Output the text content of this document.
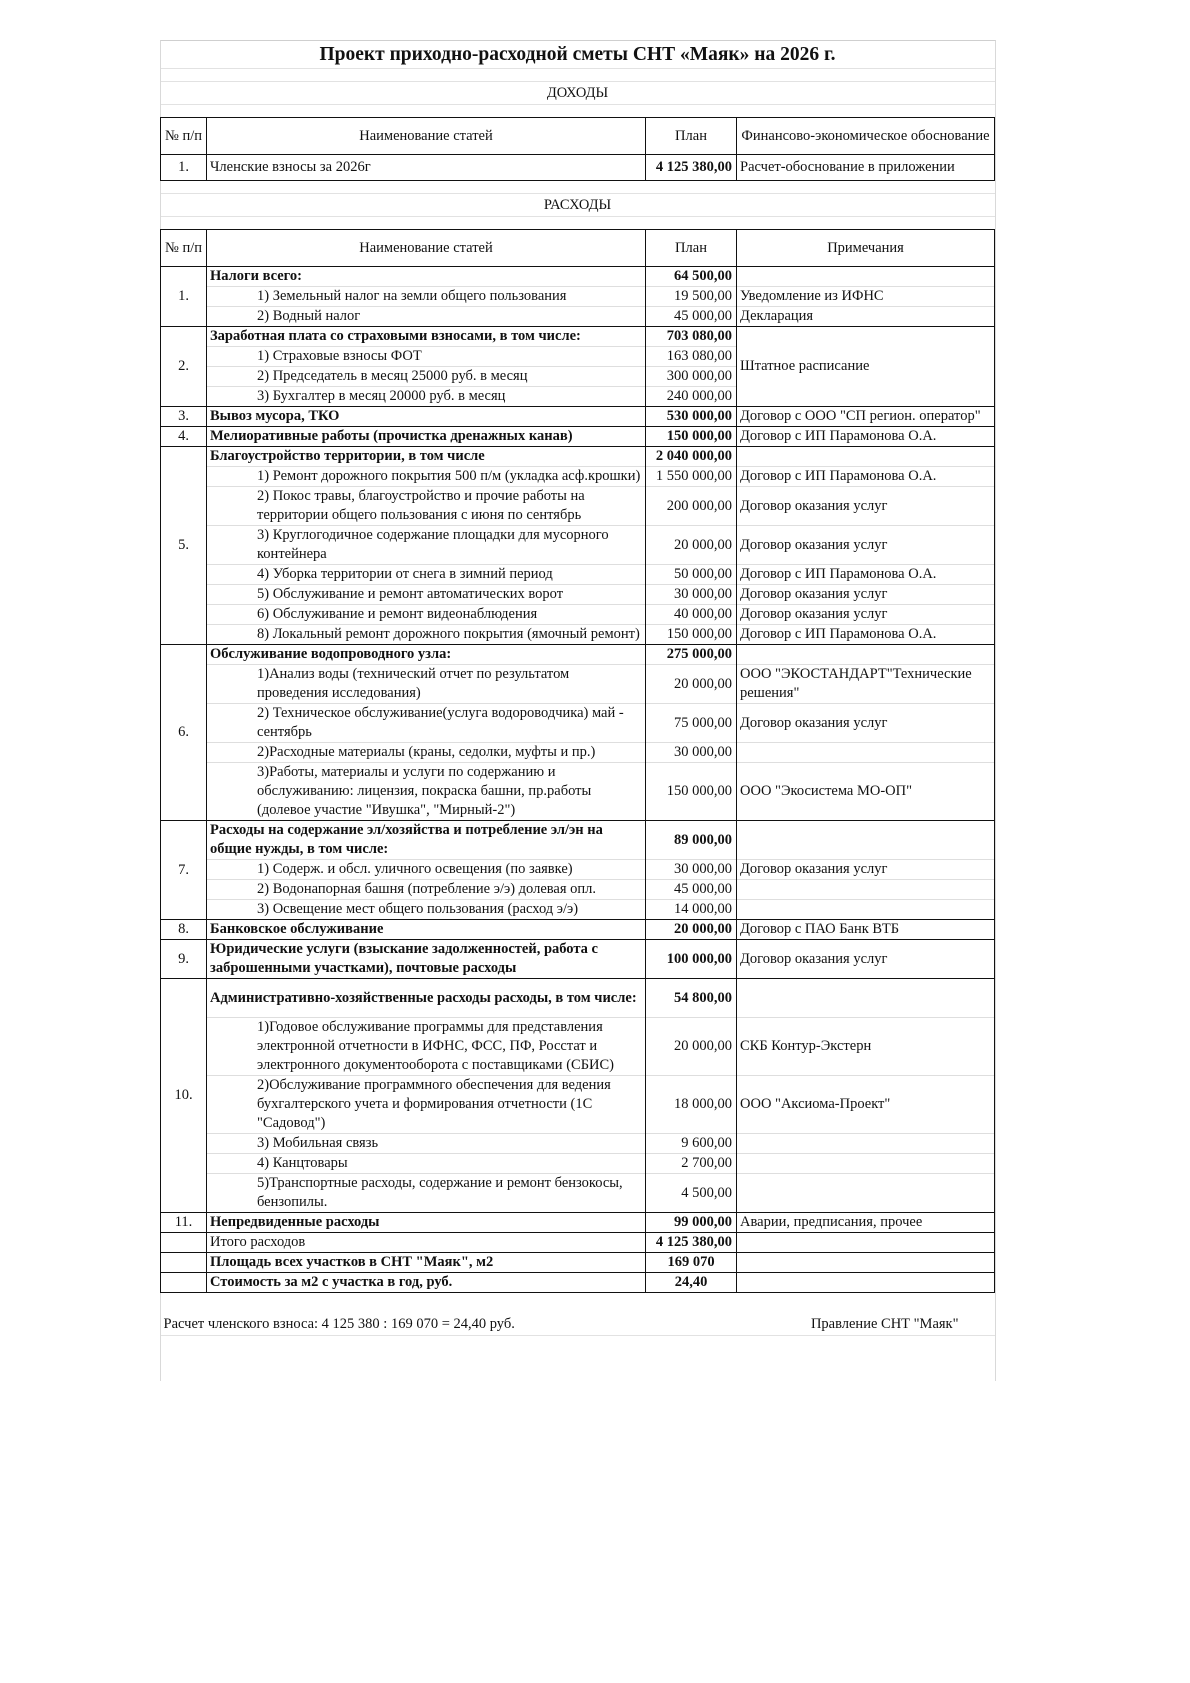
Проект приходно-расходной сметы СНТ «Маяк» на 2026 г.			

ДОХОДЫ			

№ п/п	Наименование статей	План	Финансово-экономическое обоснование
1.	Членские взносы за 2026г	4 125 380,00	Расчет-обоснование в приложении

РАСХОДЫ			

№ п/п	Наименование статей	План	Примечания
1.	Налоги всего:	64 500,00	
	1) Земельный налог на земли общего пользования	19 500,00	Уведомление из ИФНС
	2) Водный налог	45 000,00	Декларация
2.	Заработная плата со страховыми взносами, в том числе:	703 080,00	Штатное расписание
	1) Страховые взносы ФОТ	163 080,00	
	2) Председатель в месяц 25000 руб. в месяц	300 000,00	
	3) Бухгалтер в месяц 20000 руб. в месяц	240 000,00	
3.	Вывоз мусора, ТКО	530 000,00	Договор с ООО "СП регион. оператор"
4.	Мелиоративные работы (прочистка дренажных канав)	150 000,00	Договор с ИП Парамонова О.А.
5.	Благоустройство территории, в том числе	2 040 000,00	
	1) Ремонт дорожного покрытия 500 п/м (укладка асф.крошки)	1 550 000,00	Договор с ИП Парамонова О.А.
	2) Покос травы, благоустройство и прочие работы на территории общего пользования с июня по сентябрь	200 000,00	Договор оказания услуг
	3) Круглогодичное содержание площадки для мусорного контейнера	20 000,00	Договор оказания услуг
	4) Уборка территории от снега в зимний период	50 000,00	Договор с ИП Парамонова О.А.
	5) Обслуживание и ремонт автоматических ворот	30 000,00	Договор оказания услуг
	6) Обслуживание и ремонт видеонаблюдения	40 000,00	Договор оказания услуг
	8) Локальный ремонт дорожного покрытия (ямочный ремонт)	150 000,00	Договор с ИП Парамонова О.А.
6.	Обслуживание водопроводного узла:	275 000,00	
	1)Анализ воды (технический отчет по результатом проведения исследования)	20 000,00	ООО "ЭКОСТАНДАРТ"Технические решения"
	2) Техническое обслуживание(услуга водороводчика) май - сентябрь	75 000,00	Договор оказания услуг
	2)Расходные материалы (краны, седолки, муфты и пр.)	30 000,00	
	3)Работы, материалы и услуги по содержанию и обслуживанию: лицензия, покраска башни, пр.работы (долевое участие "Ивушка", "Мирный-2")	150 000,00	ООО "Экосистема МО-ОП"
7.	Расходы на содержание эл/хозяйства и потребление эл/эн на общие нужды, в том числе:	89 000,00	
	1) Содерж. и обсл. уличного освещения (по заявке)	30 000,00	Договор оказания услуг
	2) Водонапорная башня (потребление э/э) долевая опл.	45 000,00	
	3) Освещение мест общего пользования (расход э/э)	14 000,00	
8.	Банковское обслуживание	20 000,00	Договор с ПАО Банк ВТБ
9.	Юридические услуги (взыскание задолженностей, работа с заброшенными участками), почтовые расходы	100 000,00	Договор оказания услуг
10.	Административно-хозяйственные расходы расходы, в том числе:	54 800,00	
	1)Годовое обслуживание программы для представления электронной отчетности в ИФНС, ФСС, ПФ, Росстат и электронного документооборота с поставщиками (СБИС)	20 000,00	СКБ Контур-Экстерн
	2)Обслуживание программного обеспечения для ведения бухгалтерского учета и формирования отчетности (1С "Садовод")	18 000,00	ООО "Аксиома-Проект"
	3) Мобильная связь	9 600,00	
	4) Канцтовары	2 700,00	
	5)Транспортные расходы, содержание и ремонт бензокосы, бензопилы.	4 500,00	
11.	Непредвиденные расходы	99 000,00	Аварии, предписания, прочее
	Итого расходов	4 125 380,00	
	Площадь всех участков в СНТ "Маяк", м2	169 070	
	Стоимость за м2 с участка в год, руб.	24,40	

Расчет членского взноса: 4 125 380 : 169 070 = 24,40 руб.			Правление СНТ "Маяк"
